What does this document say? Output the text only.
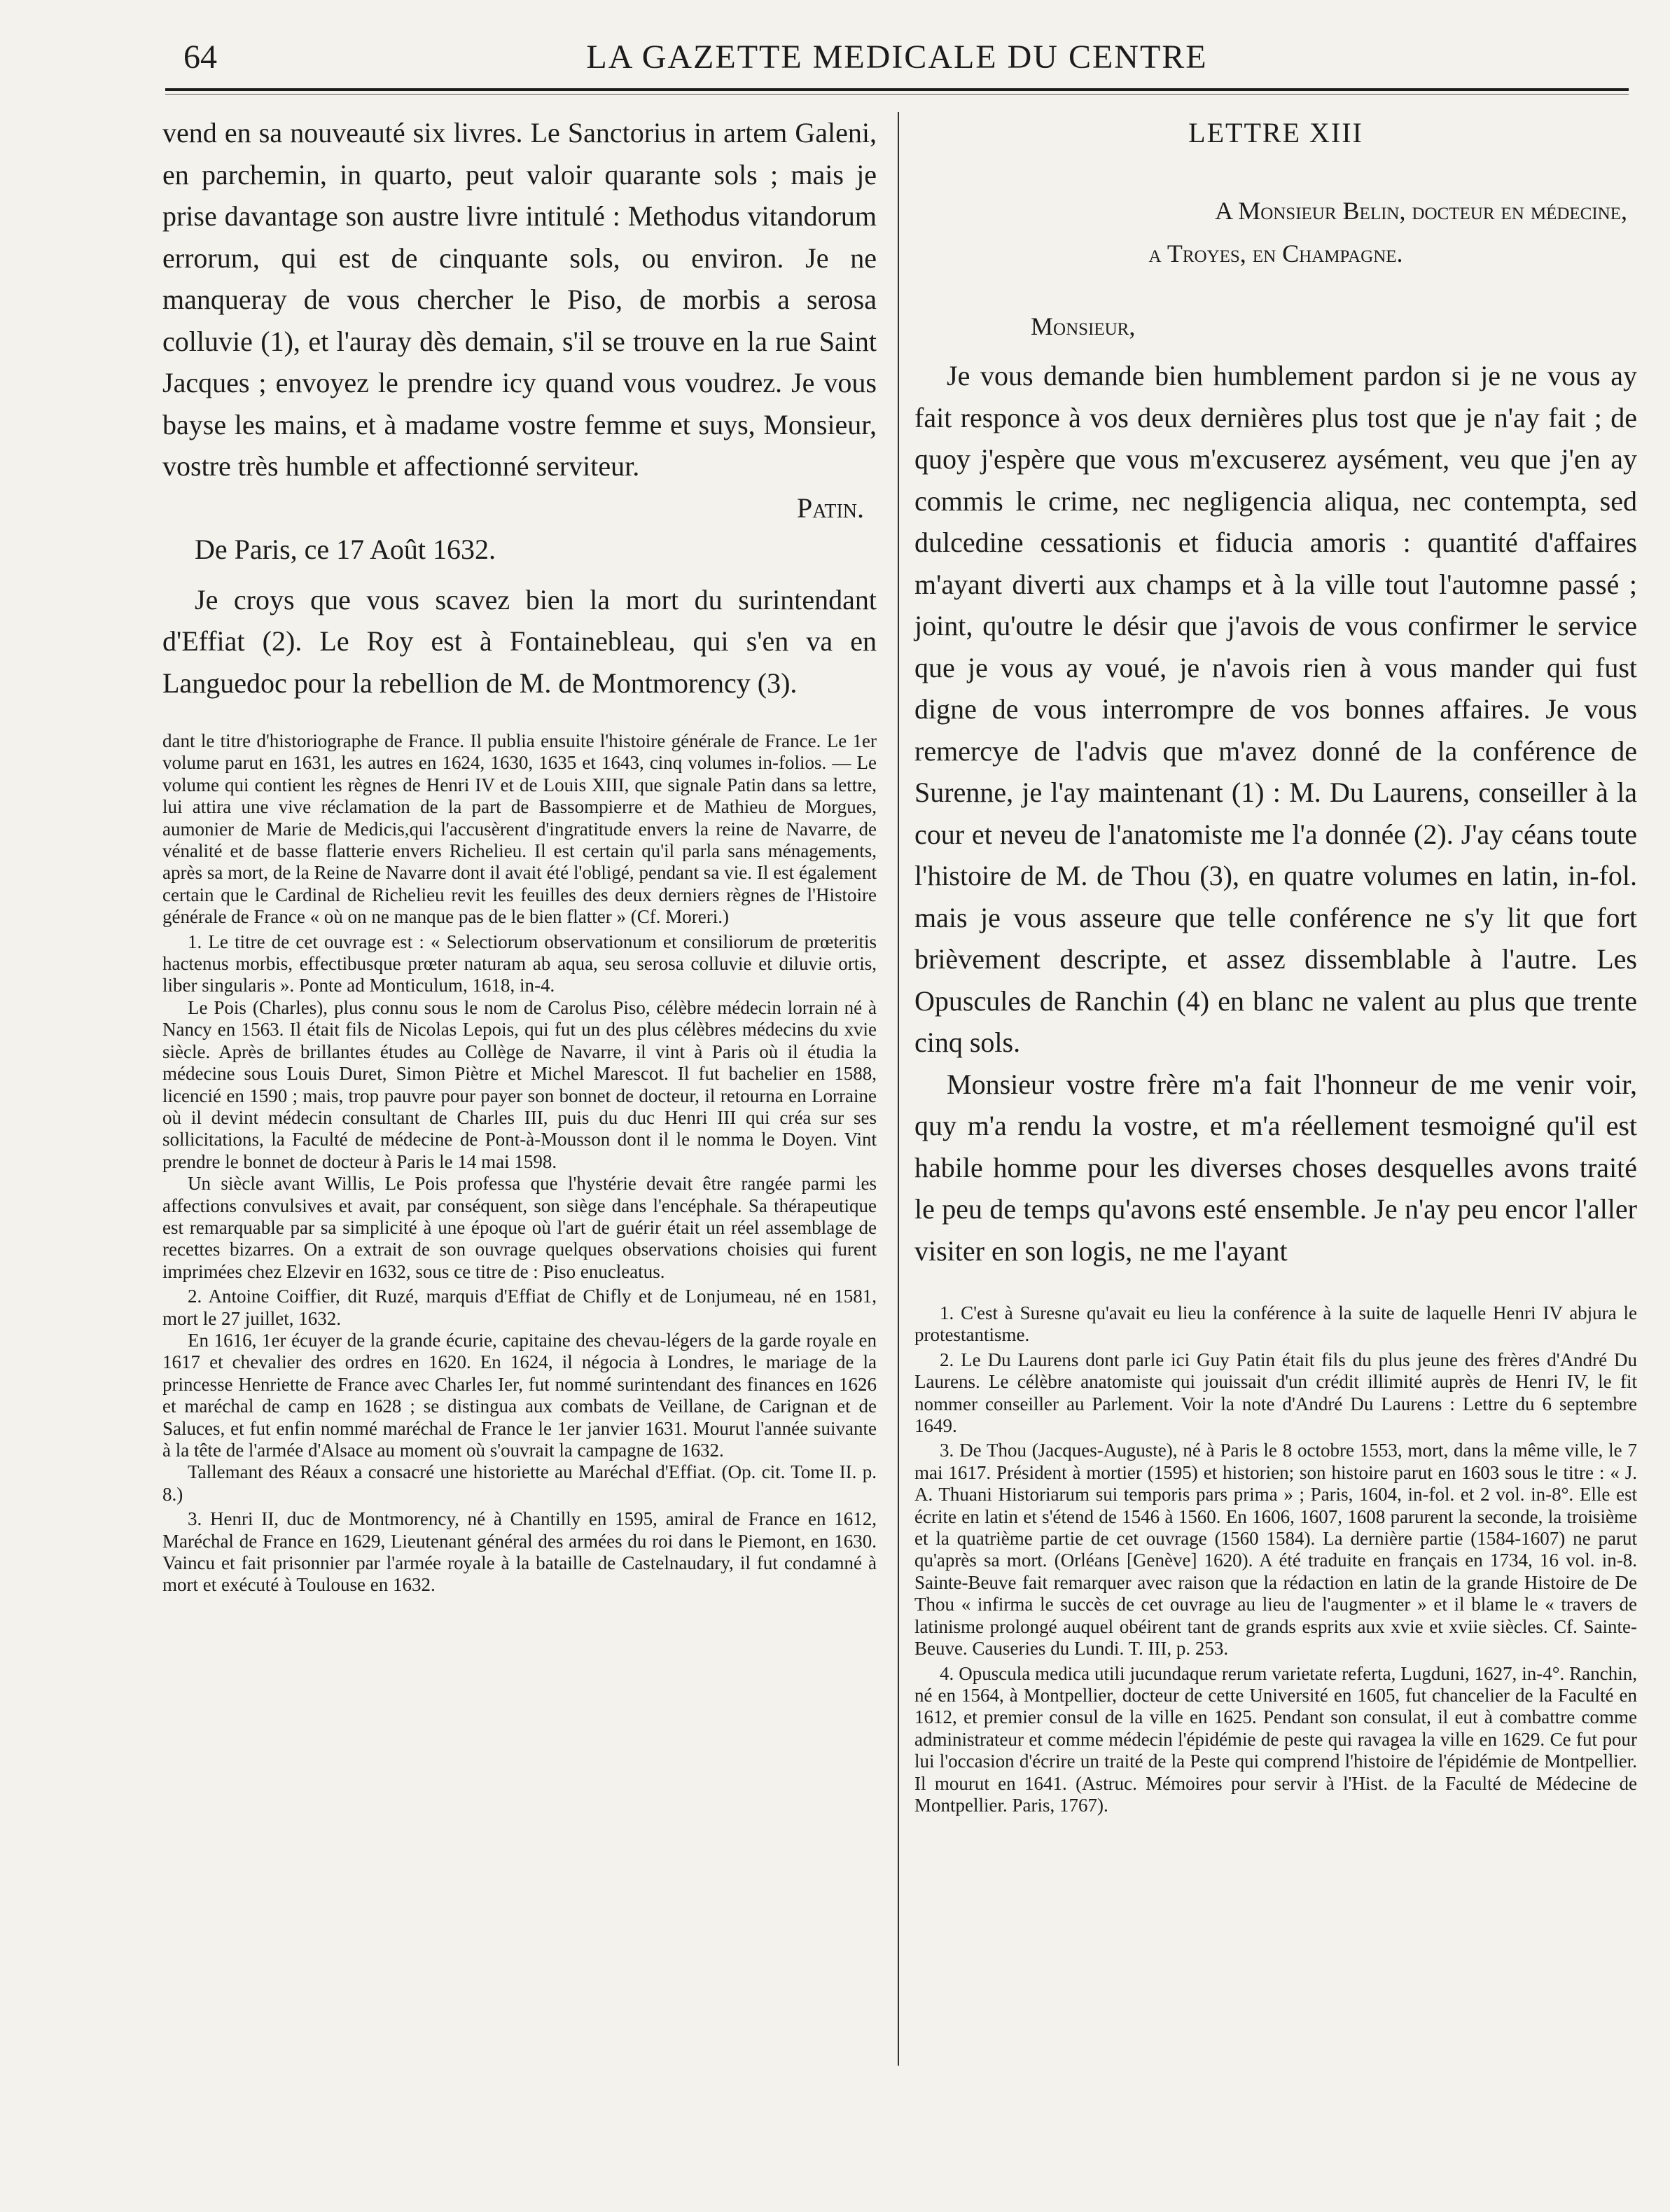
64	LA GAZETTE MEDICALE DU CENTRE

vend en sa nouveauté six livres. Le Sanctorius in artem Galeni, en parchemin, in quarto, peut valoir quarante sols ; mais je prise davantage son austre livre intitulé : Methodus vitandorum errorum, qui est de cinquante sols, ou environ. Je ne manqueray de vous chercher le Piso, de morbis a serosa colluvie (1), et l'auray dès demain, s'il se trouve en la rue Saint Jacques ; envoyez le prendre icy quand vous voudrez. Je vous bayse les mains, et à madame vostre femme et suys, Monsieur, vostre très humble et affectionné serviteur.

Patin.

De Paris, ce 17 Août 1632.

Je croys que vous scavez bien la mort du surintendant d'Effiat (2). Le Roy est à Fontainebleau, qui s'en va en Languedoc pour la rebellion de M. de Montmorency (3).

dant le titre d'historiographe de France. Il publia ensuite l'histoire générale de France. Le 1er volume parut en 1631, les autres en 1624, 1630, 1635 et 1643, cinq volumes in-folios. — Le volume qui contient les règnes de Henri IV et de Louis XIII, que signale Patin dans sa lettre, lui attira une vive réclamation de la part de Bassompierre et de Mathieu de Morgues, aumonier de Marie de Medicis,qui l'accusèrent d'ingratitude envers la reine de Navarre, de vénalité et de basse flatterie envers Richelieu. Il est certain qu'il parla sans ménagements, après sa mort, de la Reine de Navarre dont il avait été l'obligé, pendant sa vie. Il est également certain que le Cardinal de Richelieu revit les feuilles des deux derniers règnes de l'Histoire générale de France « où on ne manque pas de le bien flatter » (Cf. Moreri.)

1. Le titre de cet ouvrage est : « Selectiorum observationum et consiliorum de prœteritis hactenus morbis, effectibusque prœter naturam ab aqua, seu serosa colluvie et diluvie ortis, liber singularis ». Ponte ad Monticulum, 1618, in-4.

Le Pois (Charles), plus connu sous le nom de Carolus Piso, célèbre médecin lorrain né à Nancy en 1563. Il était fils de Nicolas Lepois, qui fut un des plus célèbres médecins du xvie siècle. Après de brillantes études au Collège de Navarre, il vint à Paris où il étudia la médecine sous Louis Duret, Simon Piètre et Michel Marescot. Il fut bachelier en 1588, licencié en 1590 ; mais, trop pauvre pour payer son bonnet de docteur, il retourna en Lorraine où il devint médecin consultant de Charles III, puis du duc Henri III qui créa sur ses sollicitations, la Faculté de médecine de Pont-à-Mousson dont il le nomma le Doyen. Vint prendre le bonnet de docteur à Paris le 14 mai 1598.

Un siècle avant Willis, Le Pois professa que l'hystérie devait être rangée parmi les affections convulsives et avait, par conséquent, son siège dans l'encéphale. Sa thérapeutique est remarquable par sa simplicité à une époque où l'art de guérir était un réel assemblage de recettes bizarres. On a extrait de son ouvrage quelques observations choisies qui furent imprimées chez Elzevir en 1632, sous ce titre de : Piso enucleatus.

2. Antoine Coiffier, dit Ruzé, marquis d'Effiat de Chifly et de Lonjumeau, né en 1581, mort le 27 juillet, 1632.

En 1616, 1er écuyer de la grande écurie, capitaine des chevau-légers de la garde royale en 1617 et chevalier des ordres en 1620. En 1624, il négocia à Londres, le mariage de la princesse Henriette de France avec Charles Ier, fut nommé surintendant des finances en 1626 et maréchal de camp en 1628 ; se distingua aux combats de Veillane, de Carignan et de Saluces, et fut enfin nommé maréchal de France le 1er janvier 1631. Mourut l'année suivante à la tête de l'armée d'Alsace au moment où s'ouvrait la campagne de 1632.

Tallemant des Réaux a consacré une historiette au Maréchal d'Effiat. (Op. cit. Tome II. p. 8.)

3. Henri II, duc de Montmorency, né à Chantilly en 1595, amiral de France en 1612, Maréchal de France en 1629, Lieutenant général des armées du roi dans le Piemont, en 1630. Vaincu et fait prisonnier par l'armée royale à la bataille de Castelnaudary, il fut condamné à mort et exécuté à Toulouse en 1632.

LETTRE XIII
A Monsieur Belin, docteur en médecine,
a Troyes, en Champagne.
Monsieur,

Je vous demande bien humblement pardon si je ne vous ay fait responce à vos deux dernières plus tost que je n'ay fait ; de quoy j'espère que vous m'excuserez aysément, veu que j'en ay commis le crime, nec negligencia aliqua, nec contempta, sed dulcedine cessationis et fiducia amoris : quantité d'affaires m'ayant diverti aux champs et à la ville tout l'automne passé ; joint, qu'outre le désir que j'avois de vous confirmer le service que je vous ay voué, je n'avois rien à vous mander qui fust digne de vous interrompre de vos bonnes affaires. Je vous remercye de l'advis que m'avez donné de la conférence de Surenne, je l'ay maintenant (1) : M. Du Laurens, conseiller à la cour et neveu de l'anatomiste me l'a donnée (2). J'ay céans toute l'histoire de M. de Thou (3), en quatre volumes en latin, in-fol. mais je vous asseure que telle conférence ne s'y lit que fort brièvement descripte, et assez dissemblable à l'autre. Les Opuscules de Ranchin (4) en blanc ne valent au plus que trente cinq sols.

Monsieur vostre frère m'a fait l'honneur de me venir voir, quy m'a rendu la vostre, et m'a réellement tesmoigné qu'il est habile homme pour les diverses choses desquelles avons traité le peu de temps qu'avons esté ensemble. Je n'ay peu encor l'aller visiter en son logis, ne me l'ayant

1. C'est à Suresne qu'avait eu lieu la conférence à la suite de laquelle Henri IV abjura le protestantisme.

2. Le Du Laurens dont parle ici Guy Patin était fils du plus jeune des frères d'André Du Laurens. Le célèbre anatomiste qui jouissait d'un crédit illimité auprès de Henri IV, le fit nommer conseiller au Parlement. Voir la note d'André Du Laurens : Lettre du 6 septembre 1649.

3. De Thou (Jacques-Auguste), né à Paris le 8 octobre 1553, mort, dans la même ville, le 7 mai 1617. Président à mortier (1595) et historien; son histoire parut en 1603 sous le titre : « J. A. Thuani Historiarum sui temporis pars prima » ; Paris, 1604, in-fol. et 2 vol. in-8°. Elle est écrite en latin et s'étend de 1546 à 1560. En 1606, 1607, 1608 parurent la seconde, la troisième et la quatrième partie de cet ouvrage (1560 1584). La dernière partie (1584-1607) ne parut qu'après sa mort. (Orléans [Genève] 1620). A été traduite en français en 1734, 16 vol. in-8. Sainte-Beuve fait remarquer avec raison que la rédaction en latin de la grande Histoire de De Thou « infirma le succès de cet ouvrage au lieu de l'augmenter » et il blame le « travers de latinisme prolongé auquel obéirent tant de grands esprits aux xvie et xviie siècles. Cf. Sainte-Beuve. Causeries du Lundi. T. III, p. 253.

4. Opuscula medica utili jucundaque rerum varietate referta, Lugduni, 1627, in-4°. Ranchin, né en 1564, à Montpellier, docteur de cette Université en 1605, fut chancelier de la Faculté en 1612, et premier consul de la ville en 1625. Pendant son consulat, il eut à combattre comme administrateur et comme médecin l'épidémie de peste qui ravagea la ville en 1629. Ce fut pour lui l'occasion d'écrire un traité de la Peste qui comprend l'histoire de l'épidémie de Montpellier. Il mourut en 1641. (Astruc. Mémoires pour servir à l'Hist. de la Faculté de Médecine de Montpellier. Paris, 1767).
